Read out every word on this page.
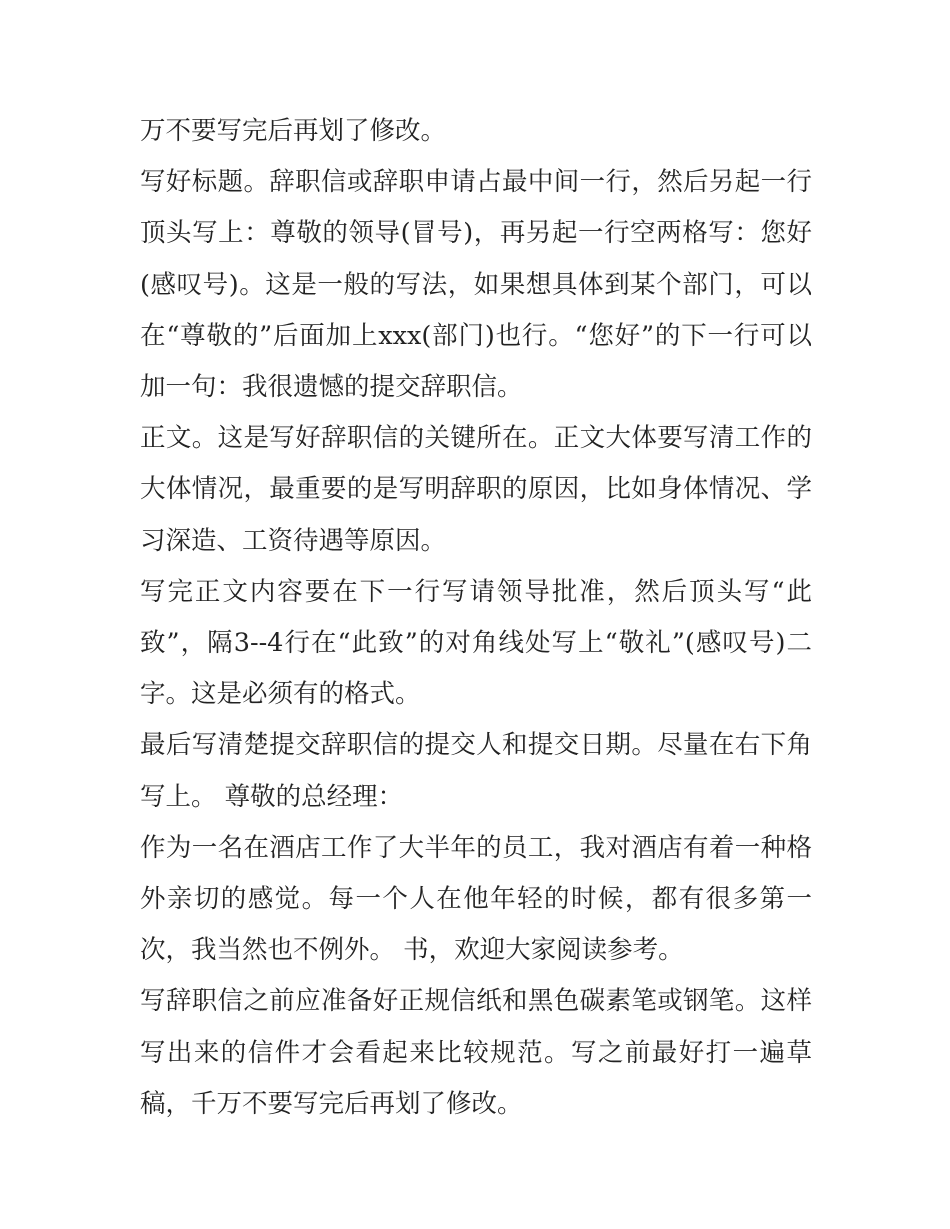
万不要写完后再划了修改。

写好标题。辞职信或辞职申请占最中间一行，然后另起一行顶头写上：尊敬的领导(冒号)，再另起一行空两格写：您好(感叹号)。这是一般的写法，如果想具体到某个部门，可以在“尊敬的”后面加上xxx(部门)也行。“您好”的下一行可以加一句：我很遗憾的提交辞职信。

正文。这是写好辞职信的关键所在。正文大体要写清工作的大体情况，最重要的是写明辞职的原因，比如身体情况、学习深造、工资待遇等原因。

写完正文内容要在下一行写请领导批准，然后顶头写“此致”，隔3--4行在“此致”的对角线处写上“敬礼”(感叹号)二字。这是必须有的格式。

最后写清楚提交辞职信的提交人和提交日期。尽量在右下角写上。 尊敬的总经理：

作为一名在酒店工作了大半年的员工，我对酒店有着一种格外亲切的感觉。每一个人在他年轻的时候，都有很多第一次，我当然也不例外。 书，欢迎大家阅读参考。

写辞职信之前应准备好正规信纸和黑色碳素笔或钢笔。这样写出来的信件才会看起来比较规范。写之前最好打一遍草稿，千万不要写完后再划了修改。
